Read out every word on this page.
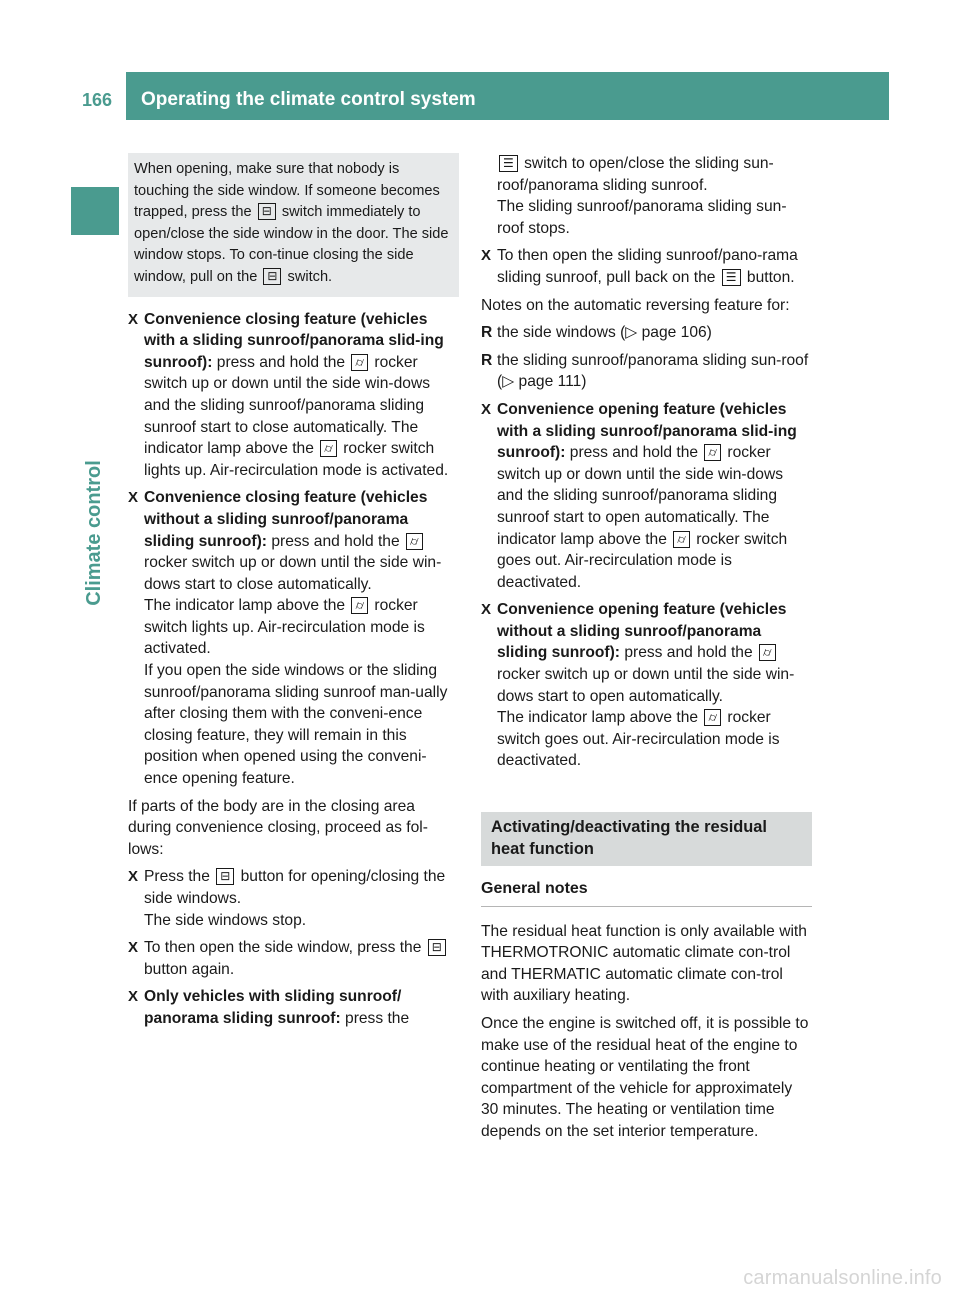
166 Operating the climate control system
Climate control
When opening, make sure that nobody is touching the side window. If someone becomes trapped, press the ⊟ switch immediately to open/close the side window in the door. The side window stops. To con-tinue closing the side window, pull on the ⊟ switch.
X Convenience closing feature (vehicles with a sliding sunroof/panorama slid-ing sunroof): press and hold the ⌭ rocker switch up or down until the side win-dows and the sliding sunroof/panorama sliding sunroof start to close automatically. The indicator lamp above the ⌭ rocker switch lights up. Air-recirculation mode is activated.
X Convenience closing feature (vehicles without a sliding sunroof/panorama sliding sunroof): press and hold the ⌭ rocker switch up or down until the side win-dows start to close automatically.
The indicator lamp above the ⌭ rocker switch lights up. Air-recirculation mode is activated.
If you open the side windows or the sliding sunroof/panorama sliding sunroof man-ually after closing them with the conveni-ence closing feature, they will remain in this position when opened using the conveni-ence opening feature.
If parts of the body are in the closing area during convenience closing, proceed as fol-lows:
X Press the ⊟ button for opening/closing the side windows.
The side windows stop.
X To then open the side window, press the ⊟ button again.
X Only vehicles with sliding sunroof/ panorama sliding sunroof: press the
☰ switch to open/close the sliding sun-roof/panorama sliding sunroof.
The sliding sunroof/panorama sliding sun-roof stops.
X To then open the sliding sunroof/pano-rama sliding sunroof, pull back on the ☰ button.
Notes on the automatic reversing feature for:
R the side windows (▷ page 106)
R the sliding sunroof/panorama sliding sun-roof (▷ page 111)
X Convenience opening feature (vehicles with a sliding sunroof/panorama slid-ing sunroof): press and hold the ⌭ rocker switch up or down until the side win-dows and the sliding sunroof/panorama sliding sunroof start to open automatically. The indicator lamp above the ⌭ rocker switch goes out. Air-recirculation mode is deactivated.
X Convenience opening feature (vehicles without a sliding sunroof/panorama sliding sunroof): press and hold the ⌭ rocker switch up or down until the side win-dows start to open automatically.
The indicator lamp above the ⌭ rocker switch goes out. Air-recirculation mode is deactivated.
Activating/deactivating the residual heat function
General notes
The residual heat function is only available with THERMOTRONIC automatic climate con-trol and THERMATIC automatic climate con-trol with auxiliary heating.
Once the engine is switched off, it is possible to make use of the residual heat of the engine to continue heating or ventilating the front compartment of the vehicle for approximately 30 minutes. The heating or ventilation time depends on the set interior temperature.
carmanualsonline.info
